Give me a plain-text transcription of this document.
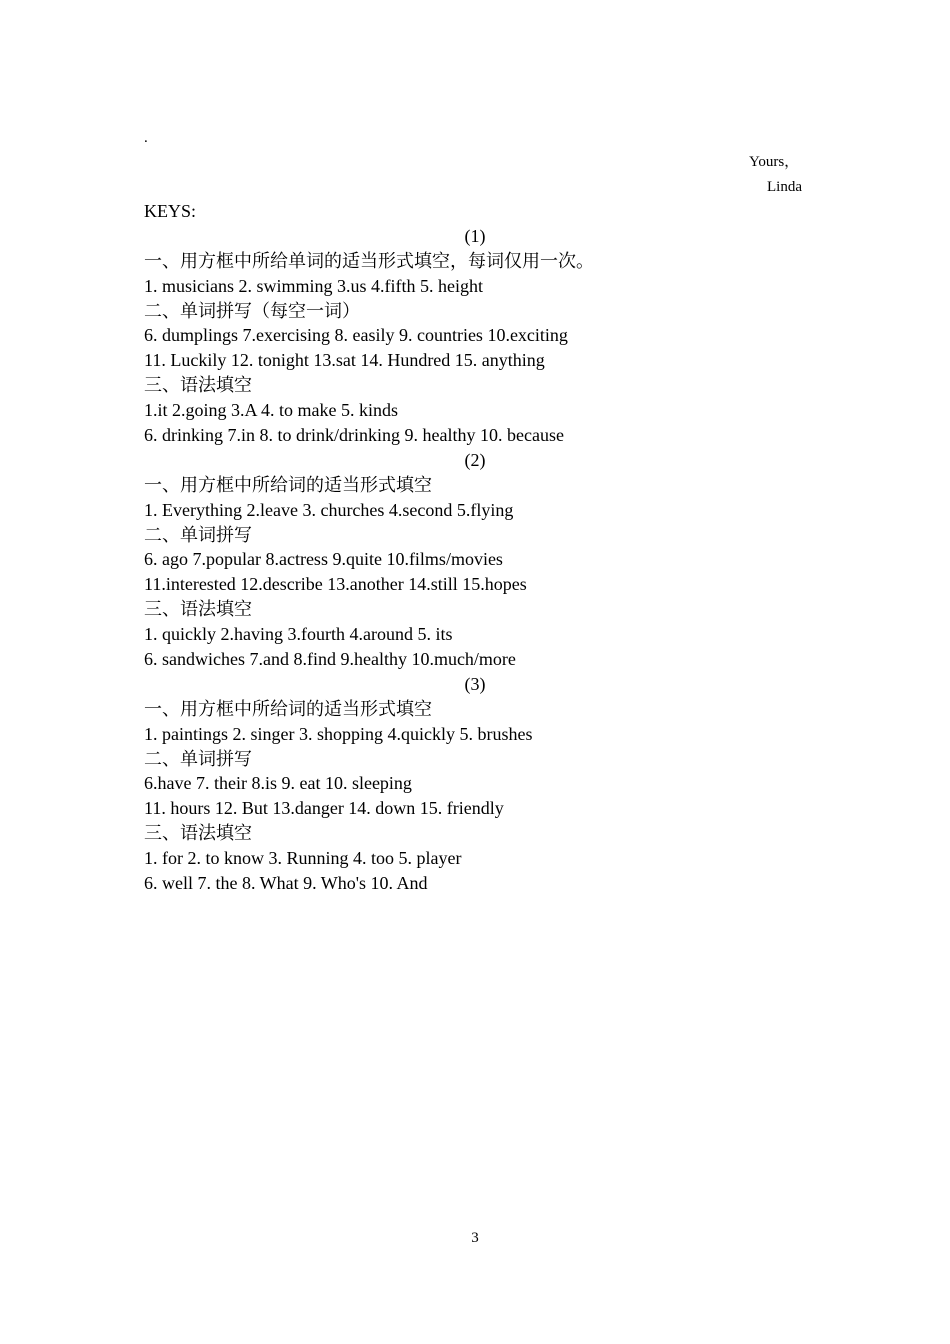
.
Yours，
Linda
KEYS:
(1)
一、用方框中所给单词的适当形式填空，每词仅用一次。
1. musicians 2. swimming 3.us 4.fifth 5. height
二、单词拼写（每空一词）
6. dumplings 7.exercising 8. easily 9. countries 10.exciting
11. Luckily 12. tonight 13.sat 14. Hundred 15. anything
三、语法填空
1.it 2.going 3.A 4. to make 5. kinds
6. drinking 7.in 8. to drink/drinking 9. healthy 10. because
(2)
一、用方框中所给词的适当形式填空
1. Everything 2.leave 3. churches 4.second 5.flying
二、单词拼写
6. ago 7.popular 8.actress 9.quite 10.films/movies
11.interested 12.describe 13.another 14.still 15.hopes
三、语法填空
1. quickly 2.having 3.fourth 4.around 5. its
6. sandwiches 7.and 8.find 9.healthy 10.much/more
(3)
一、用方框中所给词的适当形式填空
1. paintings 2. singer 3. shopping 4.quickly 5. brushes
二、单词拼写
6.have 7. their 8.is 9. eat 10. sleeping
11. hours 12. But 13.danger 14. down 15. friendly
三、语法填空
1. for 2. to know 3. Running 4. too 5. player
6. well 7. the 8. What 9. Who's 10. And
3
